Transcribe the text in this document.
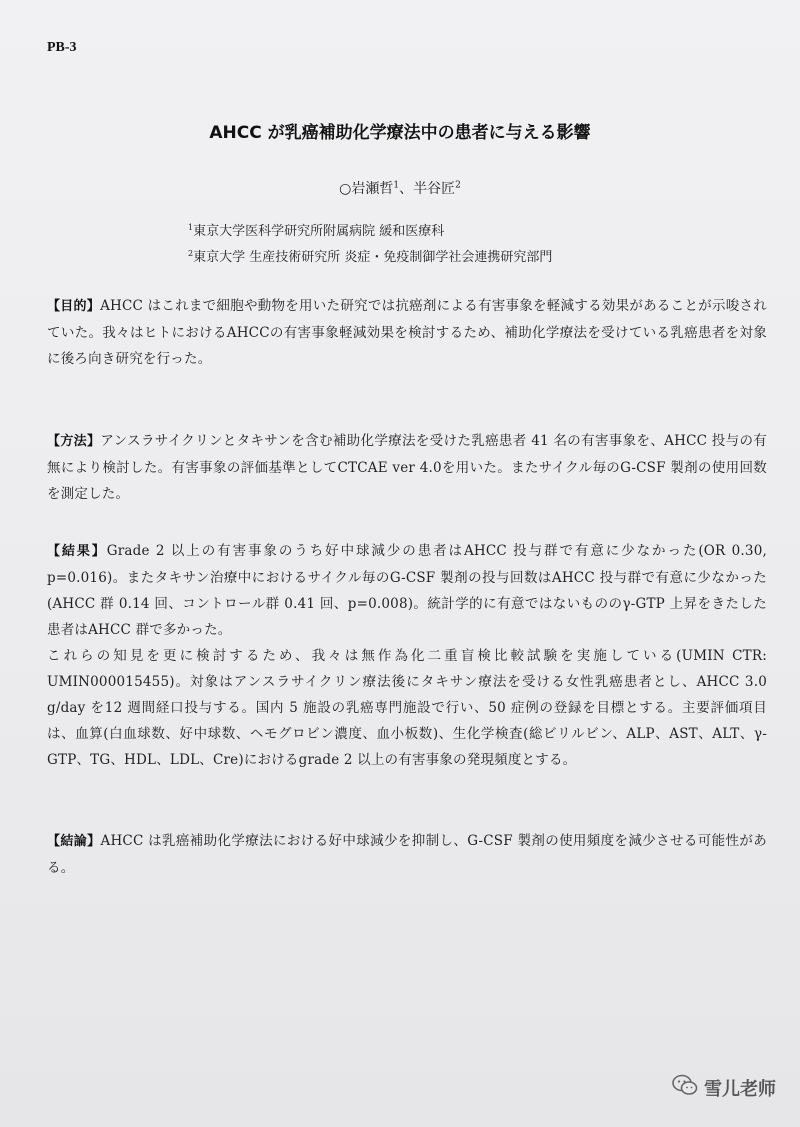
PB-3
AHCC が乳癌補助化学療法中の患者に与える影響
○岩瀬哲$^1$、半谷匠$^2$
$^1$東京大学医科学研究所附属病院 緩和医療科
$^2$東京大学 生産技術研究所 炎症・免疫制御学社会連携研究部門
【目的】AHCC はこれまで細胞や動物を用いた研究では抗癌剤による有害事象を軽減する効果があることが示唆されていた。我々はヒトにおけるAHCCの有害事象軽減効果を検討するため、補助化学療法を受けている乳癌患者を対象に後ろ向き研究を行った。
【方法】アンスラサイクリンとタキサンを含む補助化学療法を受けた乳癌患者 41 名の有害事象を、AHCC 投与の有無により検討した。有害事象の評価基準としてCTCAE ver 4.0を用いた。またサイクル毎のG-CSF 製剤の使用回数を測定した。
【結果】Grade 2 以上の有害事象のうち好中球減少の患者はAHCC 投与群で有意に少なかった(OR 0.30, p=0.016)。またタキサン治療中におけるサイクル毎のG-CSF 製剤の投与回数はAHCC 投与群で有意に少なかった(AHCC 群 0.14 回、コントロール群 0.41 回、p=0.008)。統計学的に有意ではないもののγ-GTP 上昇をきたした患者はAHCC 群で多かった。
これらの知見を更に検討するため、我々は無作為化二重盲検比較試験を実施している(UMIN CTR: UMIN000015455)。対象はアンスラサイクリン療法後にタキサン療法を受ける女性乳癌患者とし、AHCC 3.0 g/day を12 週間経口投与する。国内 5 施設の乳癌専門施設で行い、50 症例の登録を目標とする。主要評価項目は、血算(白血球数、好中球数、ヘモグロビン濃度、血小板数)、生化学検査(総ビリルビン、ALP、AST、ALT、γ-GTP、TG、HDL、LDL、Cre)におけるgrade 2 以上の有害事象の発現頻度とする。
【結論】AHCC は乳癌補助化学療法における好中球減少を抑制し、G-CSF 製剤の使用頻度を減少させる可能性がある。
雪儿老师
